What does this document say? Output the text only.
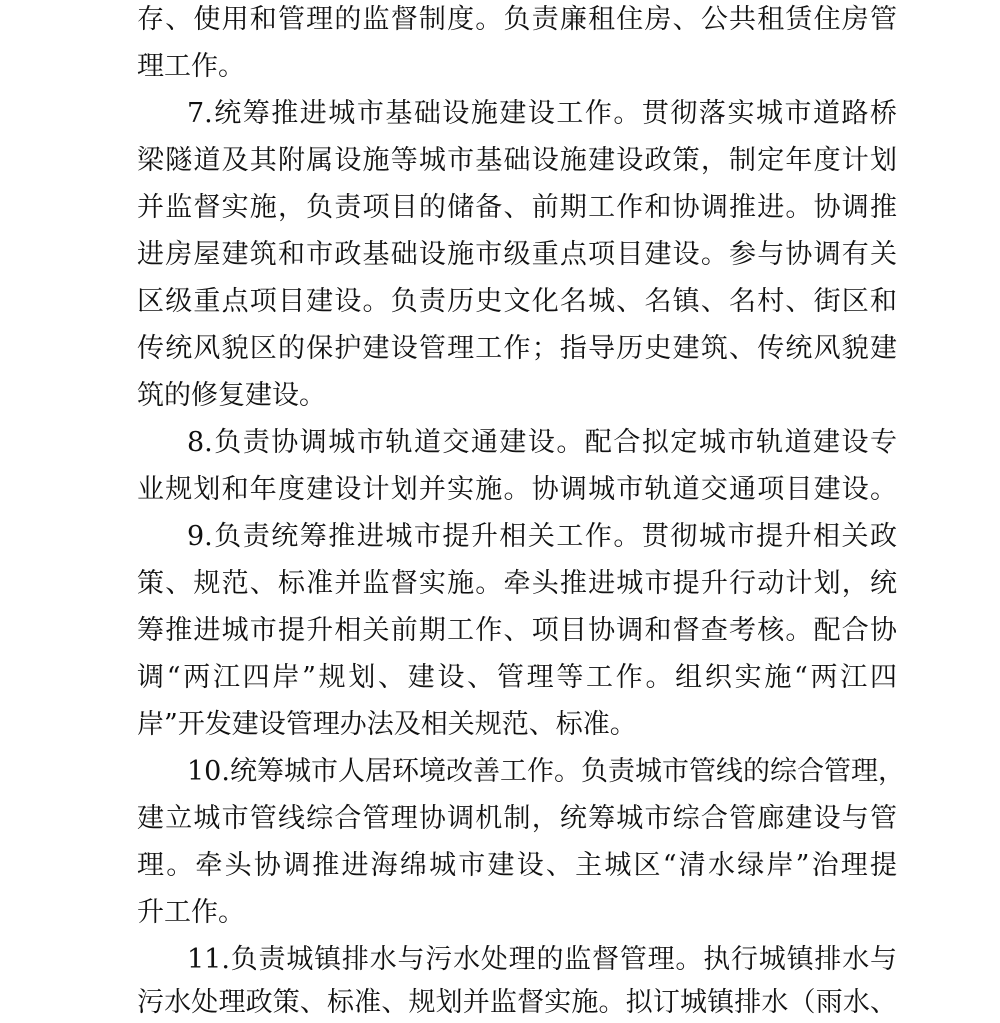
存、使用和管理的监督制度。负责廉租住房、公共租赁住房管
理工作。
7.统筹推进城市基础设施建设工作。贯彻落实城市道路桥
梁隧道及其附属设施等城市基础设施建设政策，制定年度计划
并监督实施，负责项目的储备、前期工作和协调推进。协调推
进房屋建筑和市政基础设施市级重点项目建设。参与协调有关
区级重点项目建设。负责历史文化名城、名镇、名村、街区和
传统风貌区的保护建设管理工作；指导历史建筑、传统风貌建
筑的修复建设。
8.负责协调城市轨道交通建设。配合拟定城市轨道建设专
业规划和年度建设计划并实施。协调城市轨道交通项目建设。
9.负责统筹推进城市提升相关工作。贯彻城市提升相关政
策、规范、标准并监督实施。牵头推进城市提升行动计划，统
筹推进城市提升相关前期工作、项目协调和督查考核。配合协
调“两江四岸”规划、建设、管理等工作。组织实施“两江四
岸”开发建设管理办法及相关规范、标准。
10.统筹城市人居环境改善工作。负责城市管线的综合管理，
建立城市管线综合管理协调机制，统筹城市综合管廊建设与管
理。牵头协调推进海绵城市建设、主城区“清水绿岸”治理提
升工作。
11.负责城镇排水与污水处理的监督管理。执行城镇排水与
污水处理政策、标准、规划并监督实施。拟订城镇排水（雨水、
